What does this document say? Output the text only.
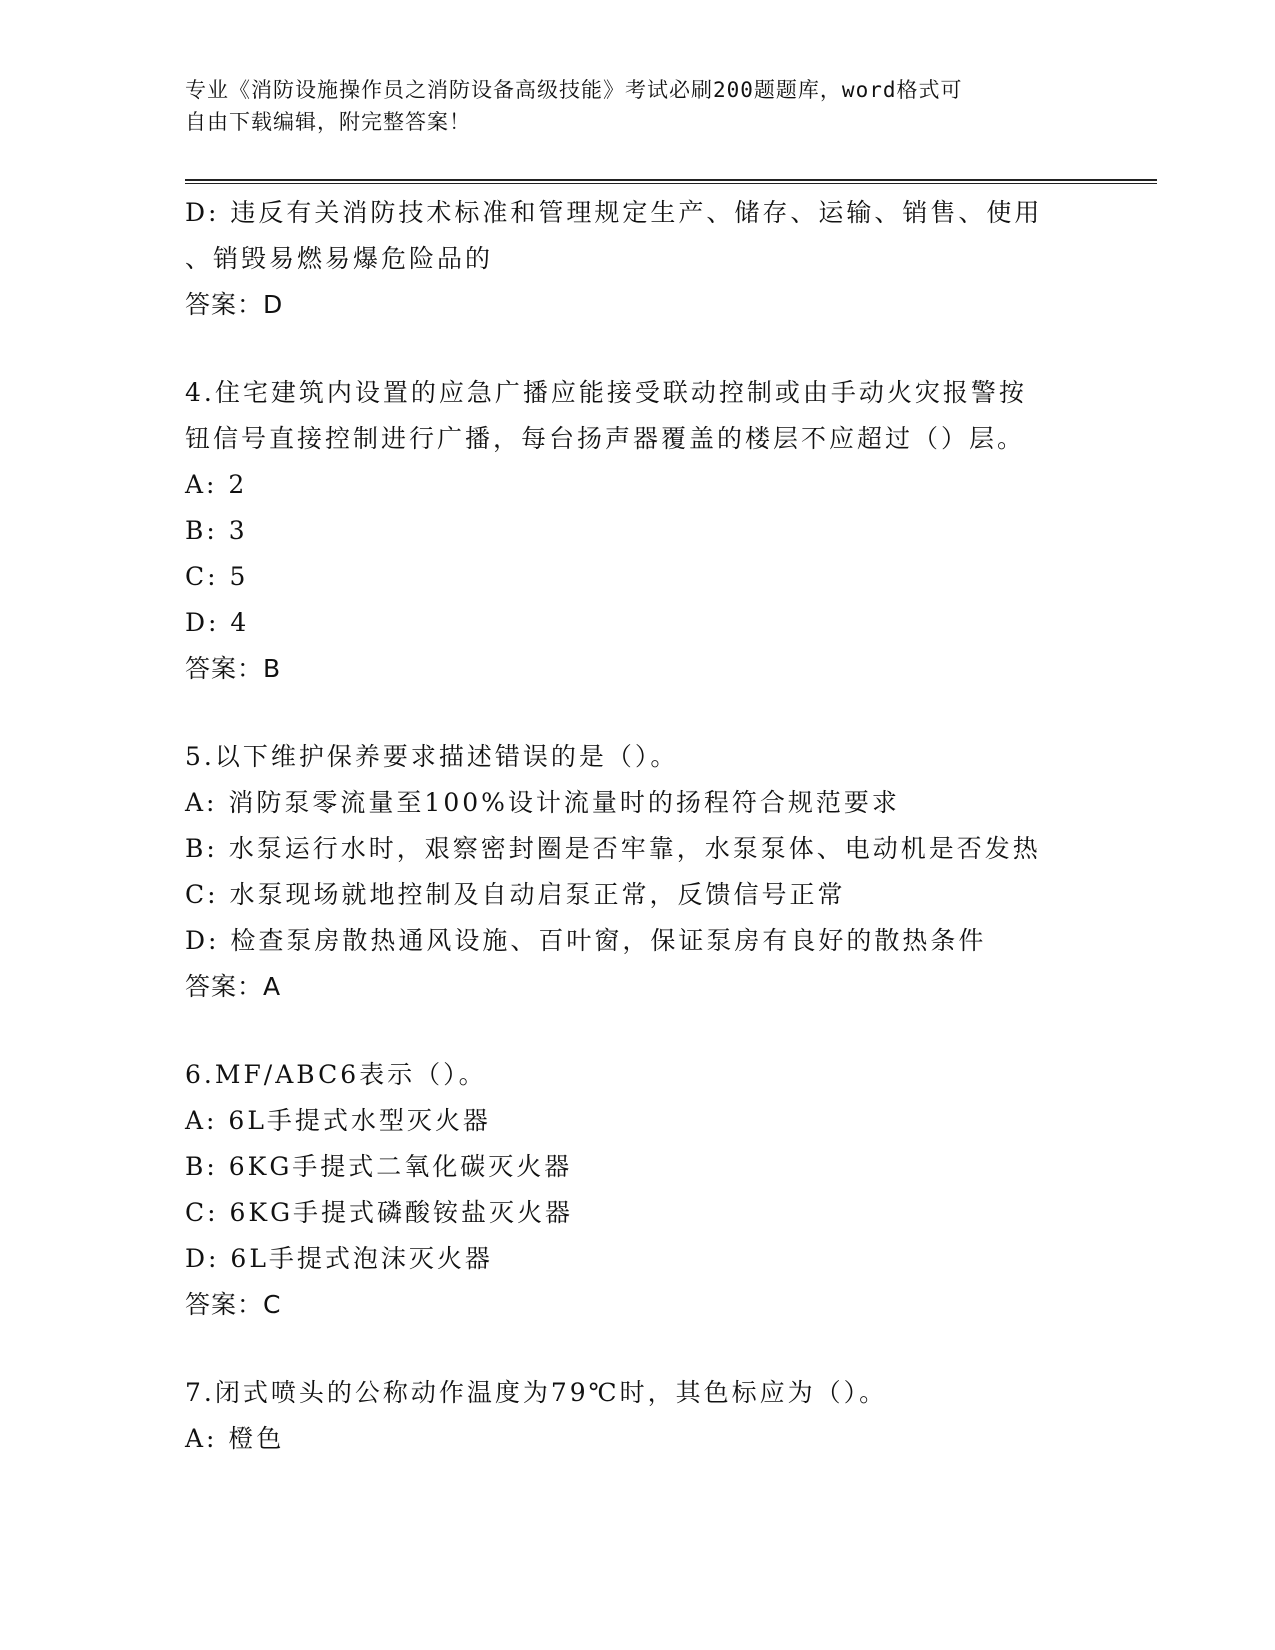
专业《消防设施操作员之消防设备高级技能》考试必刷200题题库，word格式可
自由下载编辑，附完整答案！
D: 违反有关消防技术标准和管理规定生产、储存、运输、销售、使用
、销毁易燃易爆危险品的
答案：D
4.住宅建筑内设置的应急广播应能接受联动控制或由手动火灾报警按
钮信号直接控制进行广播，每台扬声器覆盖的楼层不应超过（）层。
A: 2
B: 3
C: 5
D: 4
答案：B
5.以下维护保养要求描述错误的是（）。
A: 消防泵零流量至100%设计流量时的扬程符合规范要求
B: 水泵运行水时，艰察密封圈是否牢靠，水泵泵体、电动机是否发热
C: 水泵现场就地控制及自动启泵正常，反馈信号正常
D: 检查泵房散热通风设施、百叶窗，保证泵房有良好的散热条件
答案：A
6.MF/ABC6表示（）。
A: 6L手提式水型灭火器
B: 6KG手提式二氧化碳灭火器
C: 6KG手提式磷酸铵盐灭火器
D: 6L手提式泡沫灭火器
答案：C
7.闭式喷头的公称动作温度为79℃时，其色标应为（）。
A: 橙色
